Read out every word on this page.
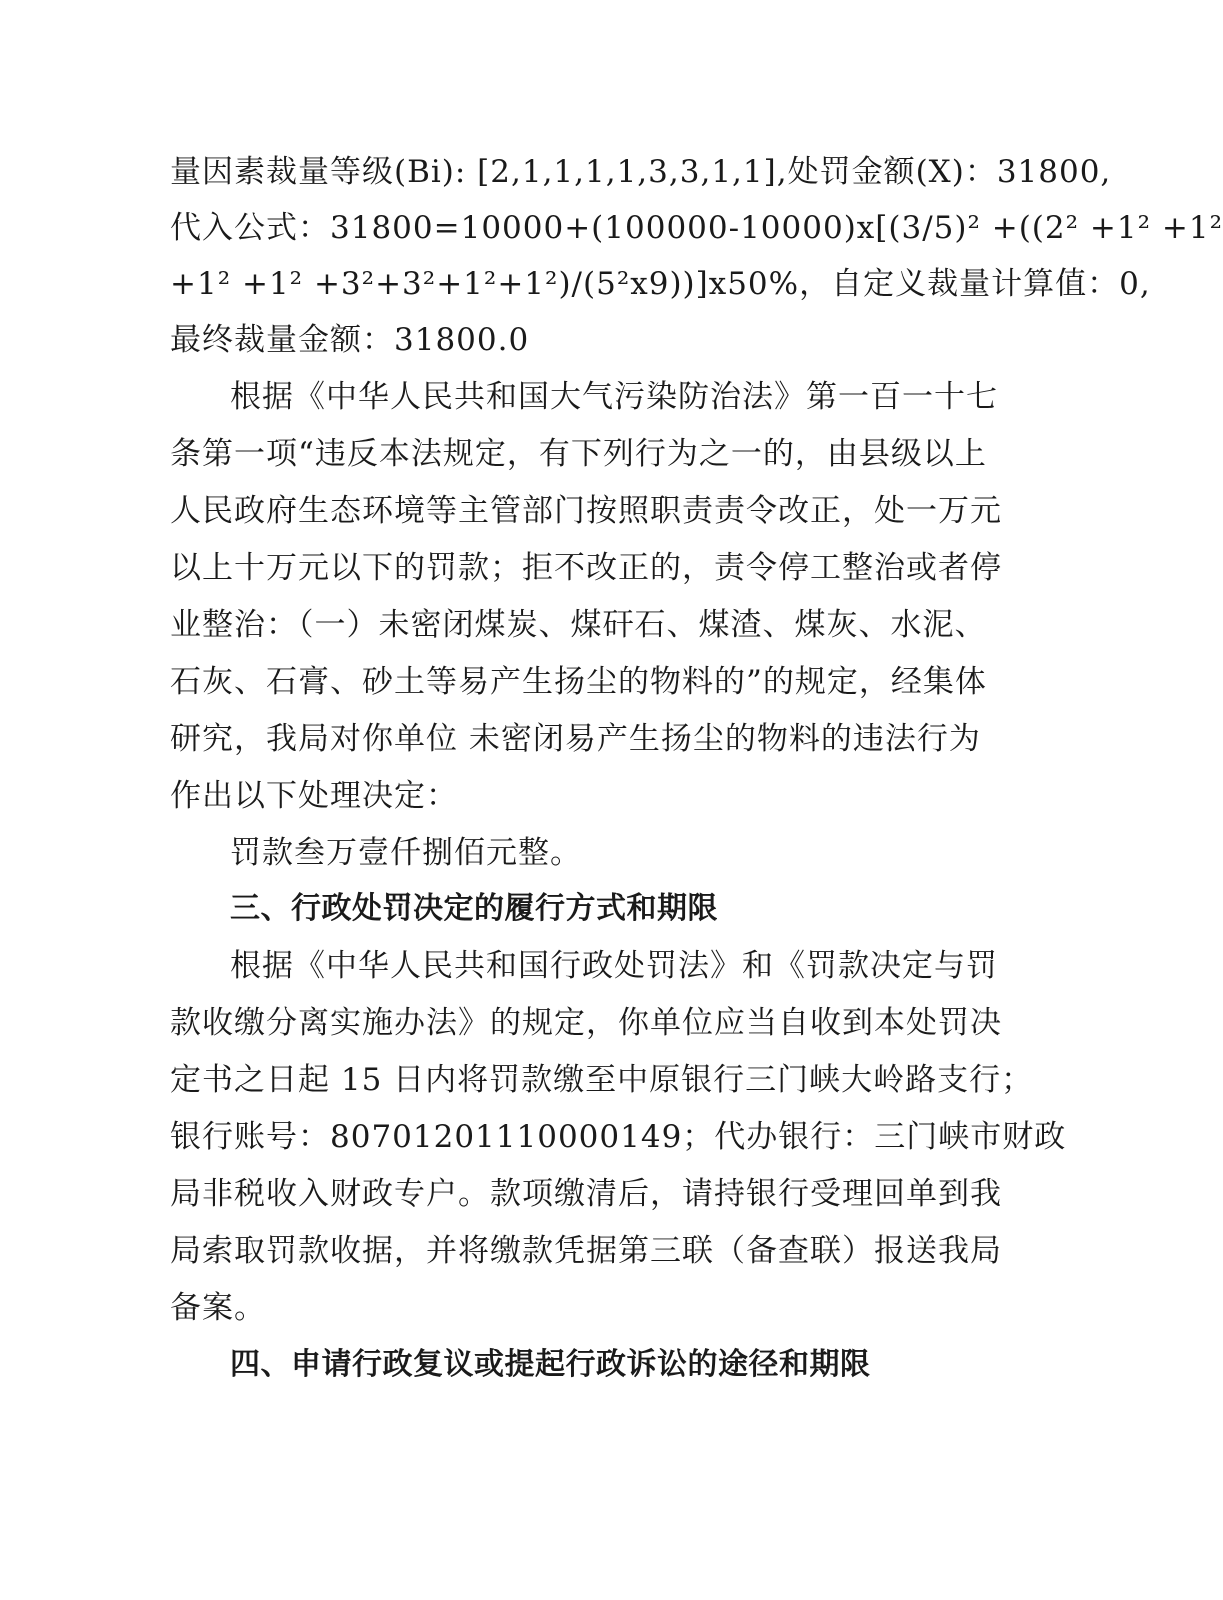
量因素裁量等级(Bi): [2,1,1,1,1,3,3,1,1],处罚金额(X)：31800,
代入公式：31800=10000+(100000-10000)x[(3/5)² +((2² +1² +1²
+1² +1² +3²+3²+1²+1²)/(5²x9))]x50%，自定义裁量计算值：0,
最终裁量金额：31800.0
根据《中华人民共和国大气污染防治法》第一百一十七
条第一项“违反本法规定，有下列行为之一的，由县级以上
人民政府生态环境等主管部门按照职责责令改正，处一万元
以上十万元以下的罚款；拒不改正的，责令停工整治或者停
业整治：（一）未密闭煤炭、煤矸石、煤渣、煤灰、水泥、
石灰、石膏、砂土等易产生扬尘的物料的”的规定，经集体
研究，我局对你单位 未密闭易产生扬尘的物料的违法行为
作出以下处理决定：
罚款叁万壹仟捌佰元整。
三、行政处罚决定的履行方式和期限
根据《中华人民共和国行政处罚法》和《罚款决定与罚
款收缴分离实施办法》的规定，你单位应当自收到本处罚决
定书之日起 15 日内将罚款缴至中原银行三门峡大岭路支行；
银行账号：80701201110000149；代办银行：三门峡市财政
局非税收入财政专户。款项缴清后，请持银行受理回单到我
局索取罚款收据，并将缴款凭据第三联（备查联）报送我局
备案。
四、申请行政复议或提起行政诉讼的途径和期限
